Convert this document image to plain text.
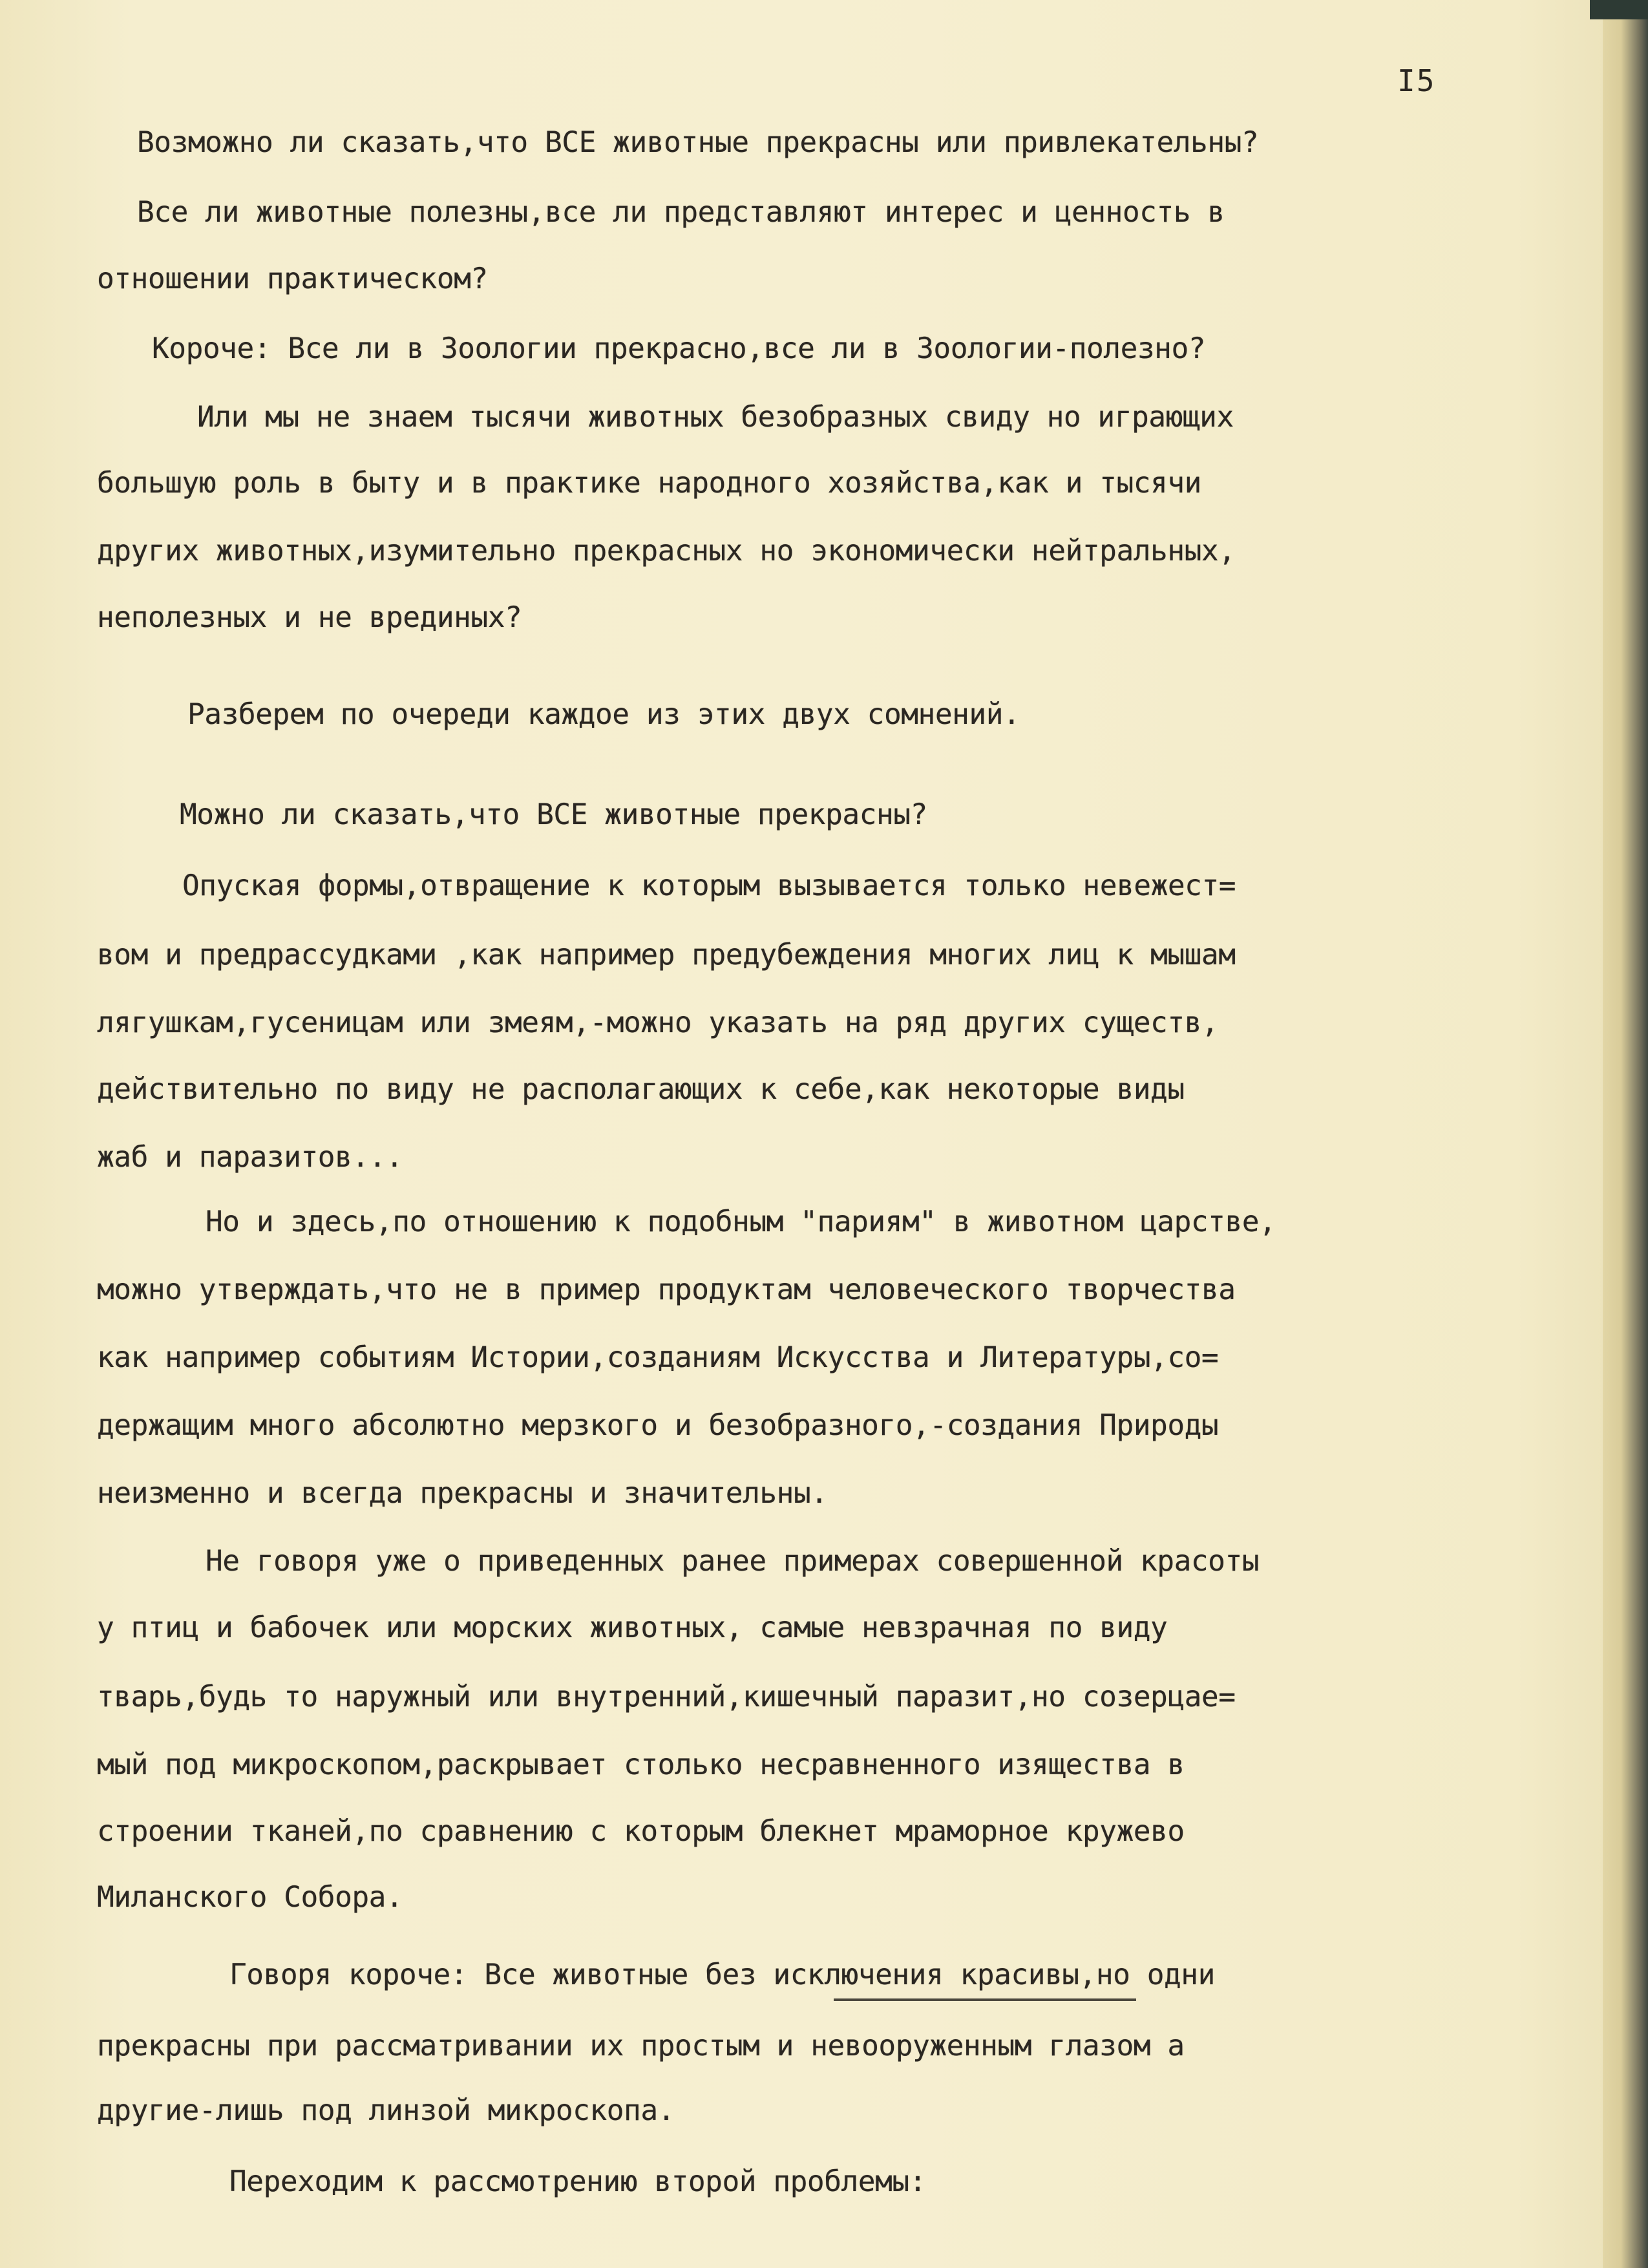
I5
Возможно ли сказать,что ВСЕ животные прекрасны или привлекательны?
Все ли животные полезны,все ли представляют интерес и ценность в
отношении практическом?
Короче: Все ли в Зоологии прекрасно,все ли в Зоологии-полезно?
Или мы не знаем тысячи животных безобразных свиду но играющих
большую роль в быту и в практике народного хозяйства,как и тысячи
других животных,изумительно прекрасных но экономически нейтральных,
неполезных и не врединых?
Разберем по очереди каждое из этих двух сомнений.
Можно ли сказать,что ВСЕ животные прекрасны?
Опуская формы,отвращение к которым вызывается только невежест=
вом и предрассудками ,как например предубеждения многих лиц к мышам
лягушкам,гусеницам или змеям,-можно указать на ряд других существ,
действительно по виду не располагающих к себе,как некоторые виды
жаб и паразитов...
Но и здесь,по отношению к подобным "париям" в животном царстве,
можно утверждать,что не в пример продуктам человеческого творчества
как например событиям Истории,созданиям Искусства и Литературы,со=
держащим много абсолютно мерзкого и безобразного,-создания Природы
неизменно и всегда прекрасны и значительны.
Не говоря уже о приведенных ранее примерах совершенной красоты
у птиц и бабочек или морских животных, самые невзрачная по виду
тварь,будь то наружный или внутренний,кишечный паразит,но созерцае=
мый под микроскопом,раскрывает столько несравненного изящества в
строении тканей,по сравнению с которым блекнет мраморное кружево
Миланского Собора.
Говоря короче: Все животные без исключения красивы,но одни
прекрасны при рассматривании их простым и невооруженным глазом а
другие-лишь под линзой микроскопа.
Переходим к рассмотрению второй проблемы:
